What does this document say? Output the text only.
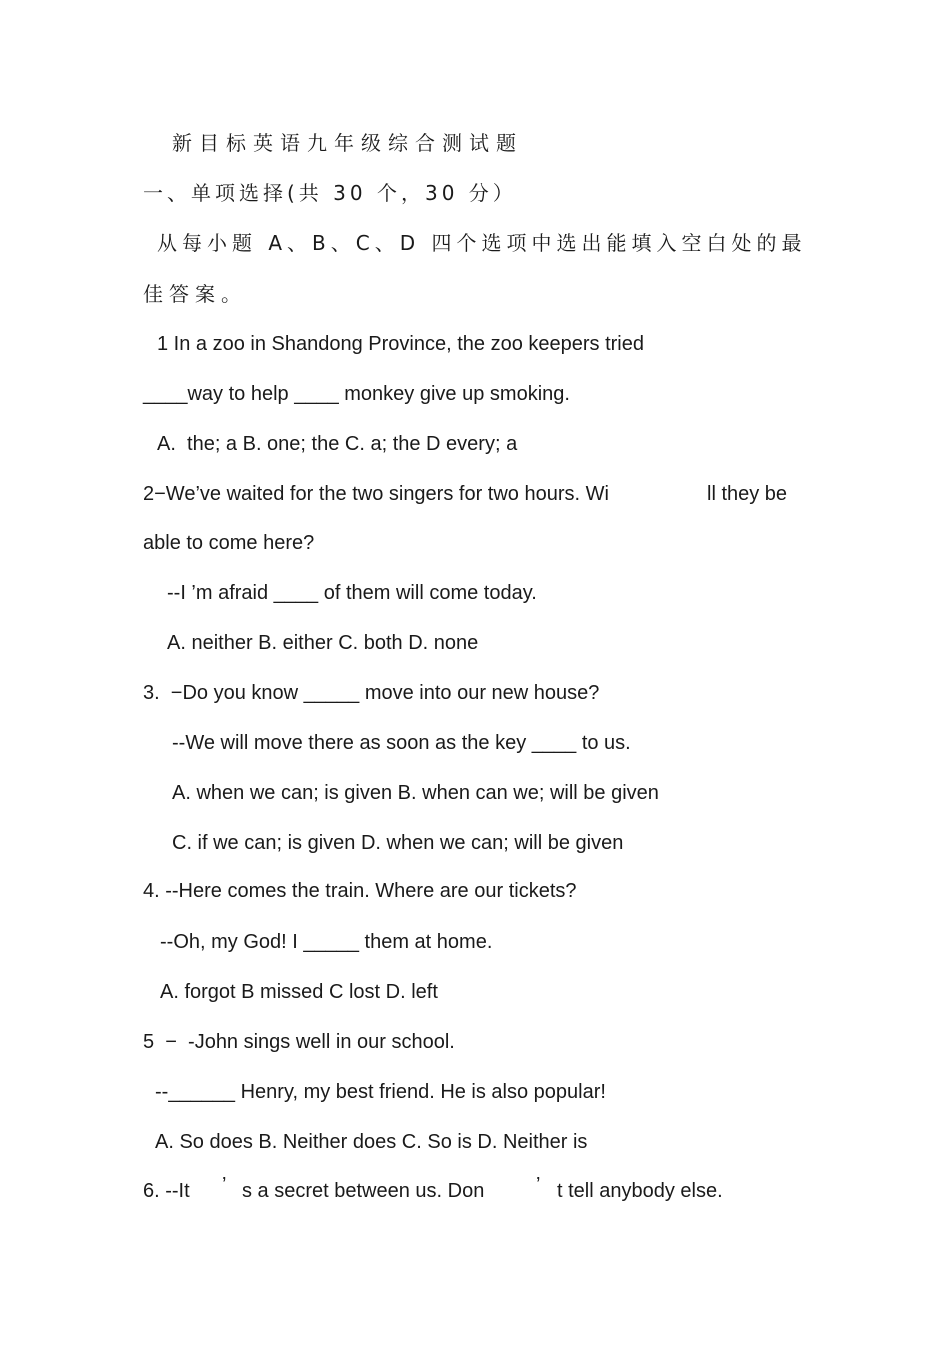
新目标英语九年级综合测试题
一、单项选择(共 30 个，30 分）
从每小题 A、B、C、D 四个选项中选出能填入空白处的最
佳答案。
1 In a zoo in Shandong Province, the zoo keepers tried
____way to help ____ monkey give up smoking.
A.  the; a B. one; the C. a; the D every; a
2−We’ve waited for the two singers for two hours. Wi	ll they be
able to come here?
--I ’m afraid ____ of them will come today.
A. neither B. either C. both D. none
3.  −Do you know _____ move into our new house?
--We will move there as soon as the key ____ to us.
A. when we can; is given B. when can we; will be given
C. if we can; is given D. when we can; will be given
4. --Here comes the train. Where are our tickets?
--Oh, my God! I _____ them at home.
A. forgot B missed C lost D. left
5  −  -John sings well in our school.
--______ Henry, my best friend. He is also popular!
A. So does B. Neither does C. So is D. Neither is
6. --It ’ s a secret between us. Don	’ t tell anybody else.
